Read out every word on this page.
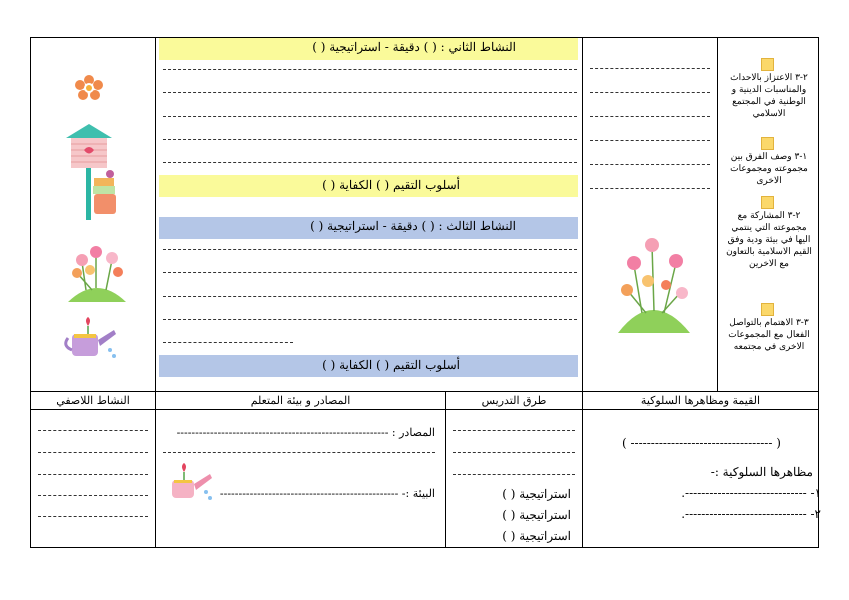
النشاط الثاني : ( ) دقيقة - استراتيجية ( )
أسلوب التقيم ( ) الكفاية ( )
النشاط الثالث : ( ) دقيقة - استراتيجية ( )
أسلوب التقيم ( ) الكفاية ( )
٢-٣ الاعتزاز بالاحداث والمناسبات الدينية و الوطنية في المجتمع الاسلامي
١-٣ وصف الفرق بين مجموعته ومجموعات الاخرى
٢-٣ المشاركة مع مجموعته التي ينتمي اليها في بيئة ودية وفق القيم الاسلامية بالتعاون مع الاخرين
٣-٣ الاهتمام بالتواصل الفعال مع المجموعات الاخرى في مجتمعه
القيمة ومظاهرها السلوكية
طرق التدريس
المصادر و بيئة المتعلم
النشاط اللاصفي
( ----------------------------------- )
مظاهرها السلوكية :-
١- ------------------------------.
٢- ------------------------------.
استراتيجية ( )
استراتيجية ( )
استراتيجية ( )
المصادر : ---------------------------------------------------------
البيئة :- ------------------------------------------------
